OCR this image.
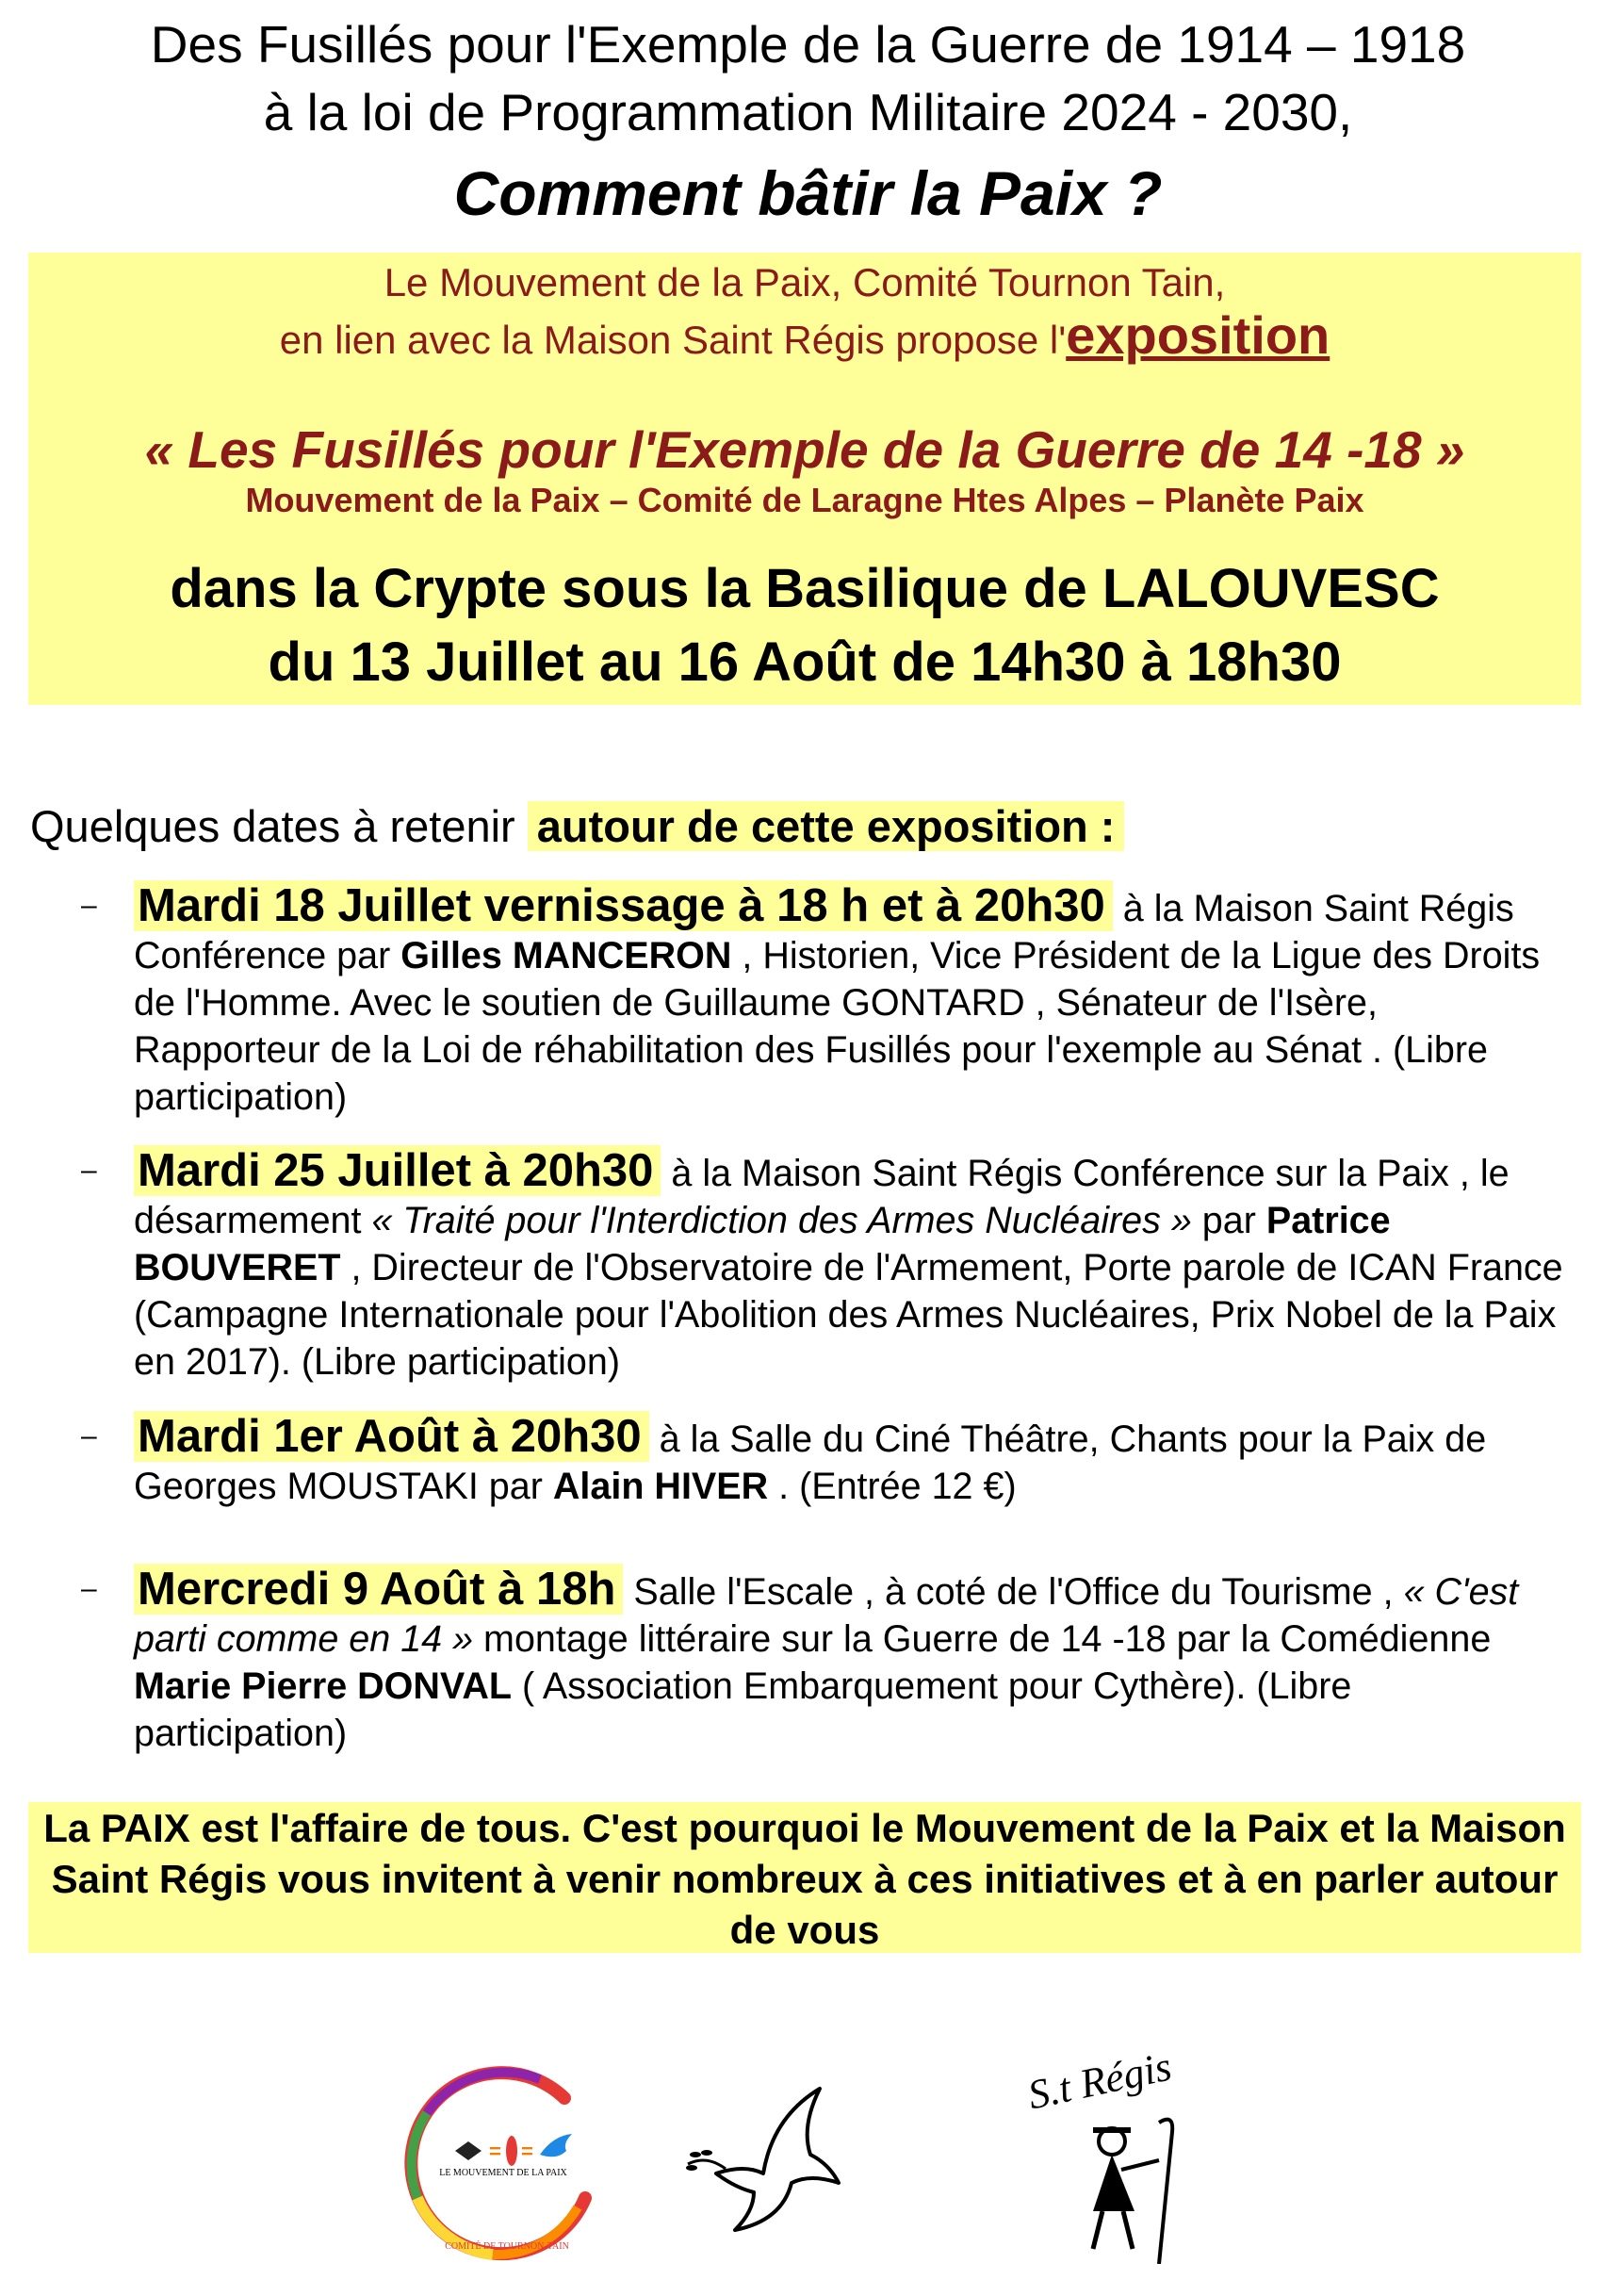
Des Fusillés pour l'Exemple de la Guerre de 1914 – 1918
à la loi de Programmation Militaire 2024 - 2030,
Comment bâtir la Paix ?
Le Mouvement de la Paix, Comité Tournon Tain,
en lien avec la Maison Saint Régis propose l'exposition
« Les Fusillés pour l'Exemple de la Guerre de 14 -18 »
Mouvement de la Paix – Comité de Laragne Htes Alpes – Planète Paix
dans la Crypte sous la Basilique de LALOUVESC
du 13 Juillet au 16 Août de 14h30 à 18h30
Quelques dates à retenir autour de cette exposition :
– Mardi 18 Juillet vernissage à 18 h et à 20h30 à la Maison Saint Régis Conférence par Gilles MANCERON , Historien, Vice Président de la Ligue des Droits de l'Homme. Avec le soutien de Guillaume GONTARD , Sénateur de l'Isère, Rapporteur de la Loi de réhabilitation des Fusillés pour l'exemple au Sénat . (Libre participation)
– Mardi 25 Juillet à 20h30 à la Maison Saint Régis Conférence sur la Paix , le désarmement « Traité pour l'Interdiction des Armes Nucléaires » par Patrice BOUVERET , Directeur de l'Observatoire de l'Armement, Porte parole de ICAN France (Campagne Internationale pour l'Abolition des Armes Nucléaires, Prix Nobel de la Paix en 2017). (Libre participation)
– Mardi 1er Août à 20h30 à la Salle du Ciné Théâtre, Chants pour la Paix de Georges MOUSTAKI par Alain HIVER . (Entrée 12 €)
– Mercredi 9 Août à 18h Salle l'Escale , à coté de l'Office du Tourisme , « C'est parti comme en 14 » montage littéraire sur la Guerre de 14 -18 par la Comédienne Marie Pierre DONVAL ( Association Embarquement pour Cythère). (Libre participation)
La PAIX est l'affaire de tous. C'est pourquoi le Mouvement de la Paix et la Maison Saint Régis vous invitent à venir nombreux à ces initiatives et à en parler autour de vous
= =
LE MOUVEMENT DE LA PAIX
COMITÉ DE TOURNON-TAIN
S.t Régis
